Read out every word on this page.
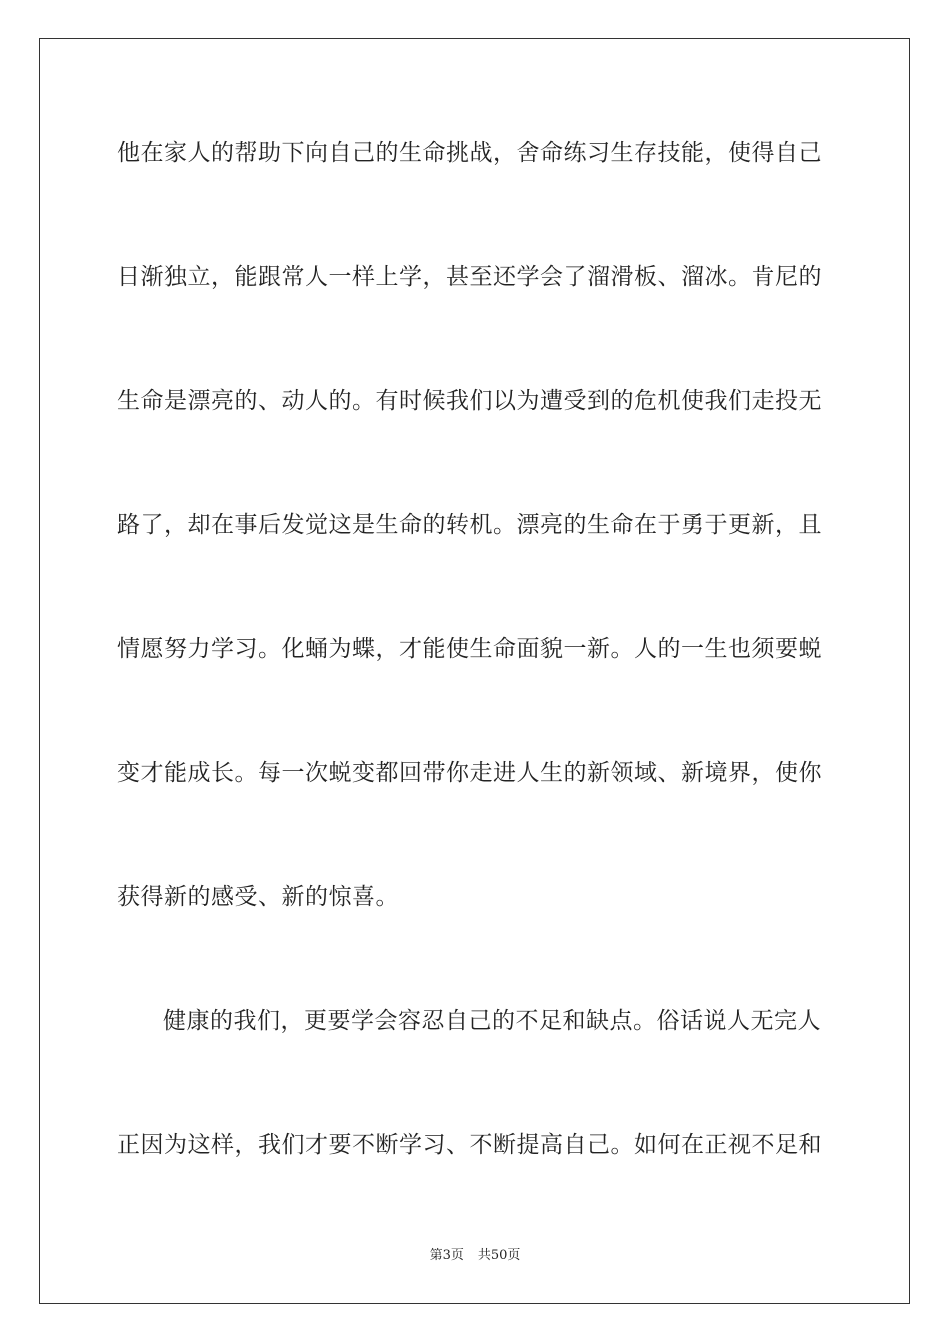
他在家人的帮助下向自己的生命挑战，舍命练习生存技能，使得自己
日渐独立，能跟常人一样上学，甚至还学会了溜滑板、溜冰。肯尼的
生命是漂亮的、动人的。有时候我们以为遭受到的危机使我们走投无
路了，却在事后发觉这是生命的转机。漂亮的生命在于勇于更新，且
情愿努力学习。化蛹为蝶，才能使生命面貌一新。人的一生也须要蜕
变才能成长。每一次蜕变都回带你走进人生的新领域、新境界，使你
获得新的感受、新的惊喜。
健康的我们，更要学会容忍自己的不足和缺点。俗话说人无完人
正因为这样，我们才要不断学习、不断提高自己。如何在正视不足和
第3页 共50页
